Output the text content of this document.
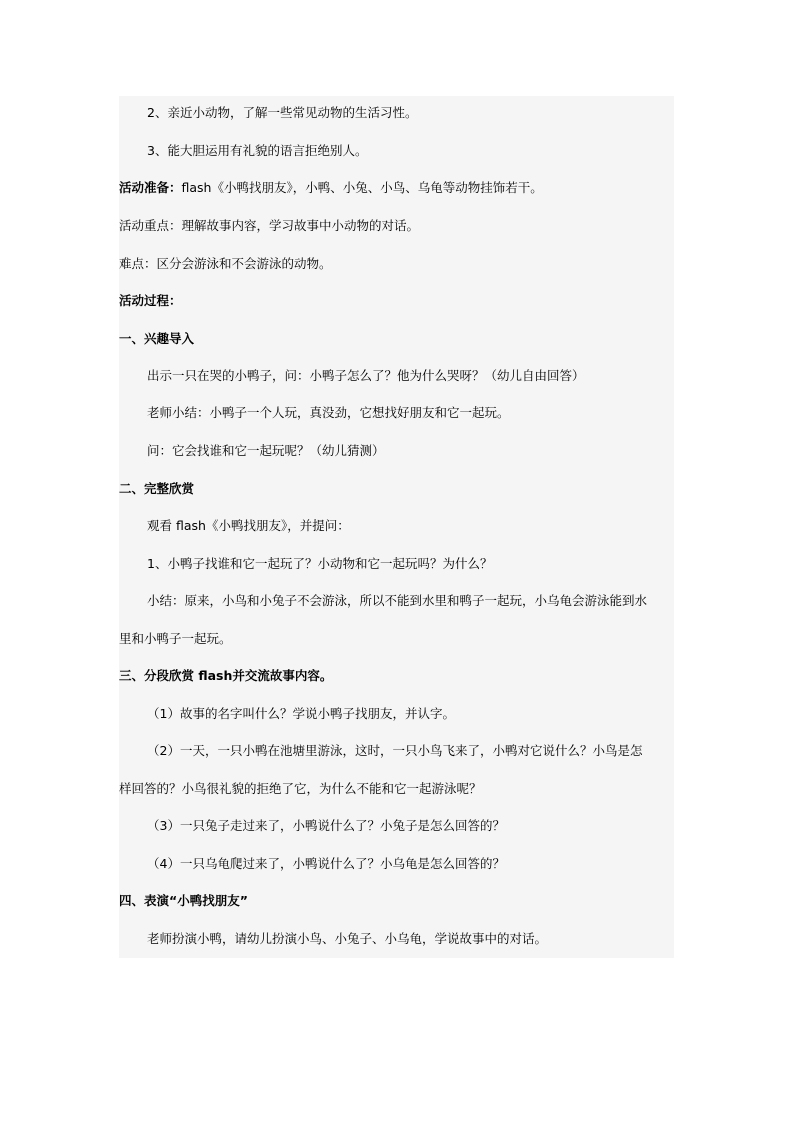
2、亲近小动物，了解一些常见动物的生活习性。
3、能大胆运用有礼貌的语言拒绝别人。
活动准备：flash《小鸭找朋友》，小鸭、小兔、小鸟、乌龟等动物挂饰若干。
活动重点：理解故事内容，学习故事中小动物的对话。
难点：区分会游泳和不会游泳的动物。
活动过程：
一、兴趣导入
出示一只在哭的小鸭子，问：小鸭子怎么了？他为什么哭呀？（幼儿自由回答）
老师小结：小鸭子一个人玩，真没劲，它想找好朋友和它一起玩。
问：它会找谁和它一起玩呢？（幼儿猜测）
二、完整欣赏
观看 flash《小鸭找朋友》，并提问：
1、小鸭子找谁和它一起玩了？小动物和它一起玩吗？为什么？
小结：原来，小鸟和小兔子不会游泳，所以不能到水里和鸭子一起玩，小乌龟会游泳能到水
里和小鸭子一起玩。
三、分段欣赏 flash并交流故事内容。
（1）故事的名字叫什么？学说小鸭子找朋友，并认字。
（2）一天，一只小鸭在池塘里游泳，这时，一只小鸟飞来了，小鸭对它说什么？小鸟是怎
样回答的？小鸟很礼貌的拒绝了它，为什么不能和它一起游泳呢？
（3）一只兔子走过来了，小鸭说什么了？小兔子是怎么回答的？
（4）一只乌龟爬过来了，小鸭说什么了？小乌龟是怎么回答的？
四、表演“小鸭找朋友”
老师扮演小鸭，请幼儿扮演小鸟、小兔子、小乌龟，学说故事中的对话。
